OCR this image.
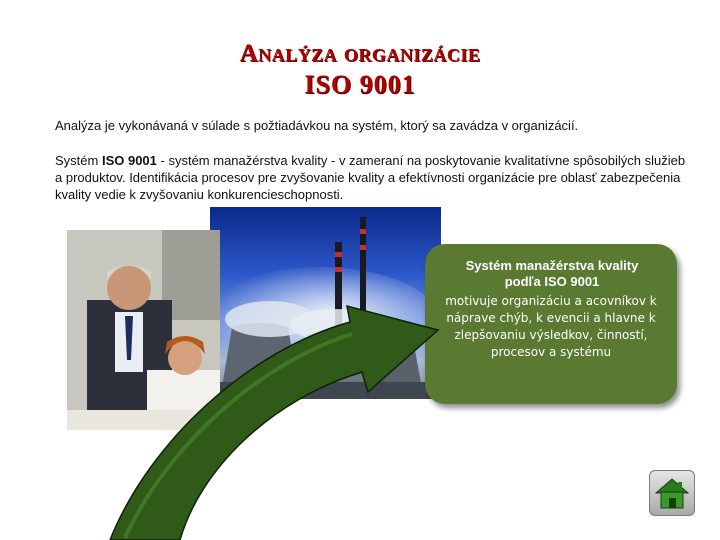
Analýza organizácie
ISO 9001
Analýza je vykonávaná v súlade s požtiadávkou na systém, ktorý sa zavádza v organizácií.
Systém ISO 9001 - systém manažérstva kvality - v zameraní na poskytovanie kvalitatívne spôsobilých služieb a produktov. Identifikácia procesov pre zvyšovanie kvality a efektívnosti organizácie pre oblasť zabezpečenia kvality vedie k zvyšovaniu konkurencieschopnosti.
Systém manažérstva kvality
podľa ISO 9001
motivuje organizáciu a acovníkov k náprave chýb, k evencii a hlavne k zlepšovaniu výsledkov, činností, procesov a systému
